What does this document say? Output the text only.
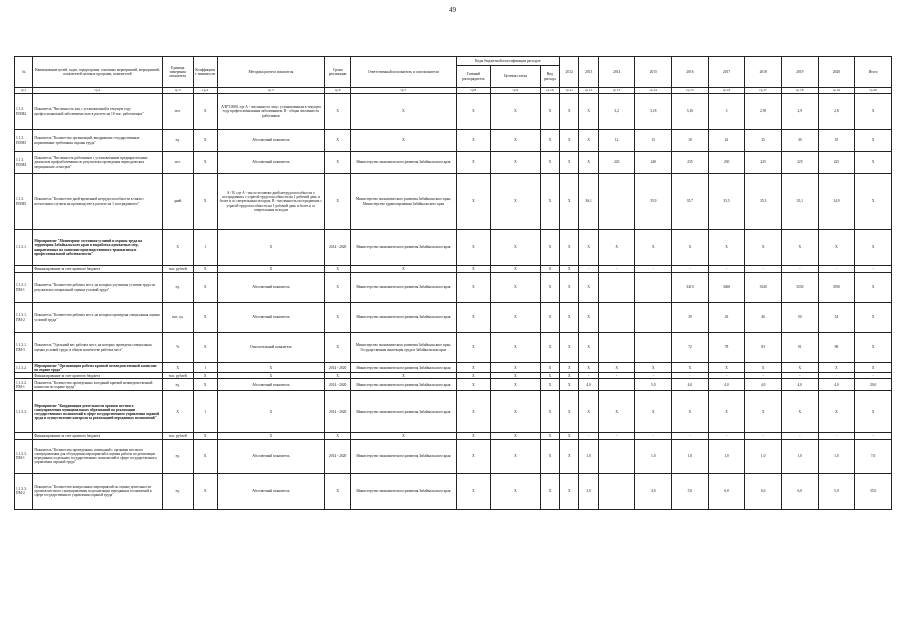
49
№	Наименование целей, задач, подпрограмм, основных мероприятий, мероприятий, показателей целевых программ, показателей	Единица измерения показателя	Коэффициент значимости	Методика расчета показателя	Сроки реализации	Ответственный исполнитель и соисполнители	Коды бюджетной классификации расходов			2012	2013	2014	2015	2016	2017	2018	2019	2020	Итого
							Главный распорядитель	Целевая статья	Вид расхода										
гр.1	гр.2	гр.3	гр.4	гр.5	гр.6	гр.7	гр.8	гр.9	гр.10	гр.11	гр.12	гр.13	гр.14	гр.15	гр.16	гр.17	гр.18	гр.19	гр.20
1.1.3. ПОМ2	Показатель "Численность лиц с установленной в текущем году профессиональной заболеваемостью в расчете на 10 тыс. работающих"	чел.	X	А/В*10000, где А - численность лиц с установленным в текущем году профессиональным заболеванием, В - общая численность работников	X	X	X	X	X	X	X	3,2	3,18	3,16	3	2,95	2,9	2,8	X
1.1.3. ПОМ3	Показатель "Количество организаций, внедривших государственные нормативные требования охраны труда"	ед.	X	Абсолютный показатель	X	X	X	X	X	X	X	12	15	18	22	25	30	35	X
1.1.3. ПОМ4	Показатель "Численность работников с установленным предварительным диагнозом профзаболевания по результатам проведения периодических медицинских осмотров"	чел.	X	Абсолютный показатель	X	Министерство экономического развития Забайкальского края	X	X	X	X	X	245	240	235	230	225	225	225	X
1.1.3. ПОМ5	Показатель "Количество дней временной нетрудоспособности в связи с несчастным случаем на производстве в расчете на 1 пострадавшего"	дней	X	А / В, где А - число человеко-дней нетрудоспособности у пострадавших с утратой трудоспособности на 1 рабочий день и более и со смертельным исходом, В - численность пострадавших с утратой трудоспособности на 1 рабочий день и более и со смертельным исходом	X	Министерство экономического развития Забайкальского края; Министерство здравоохранения Забайкальского края	X	X	X	X	36,1		35,9	35,7	35,5	35,3	35,1	34,9	X
1.1.3.1.	Мероприятие "Мониторинг состояния условий и охраны труда на территории Забайкальского края и выработка адекватных мер, направленных на снижение производственного травматизма и профессиональной заболеваемости"	X	1	X	2014 - 2020	Министерство экономического развития Забайкальского края	X	X	X	X	X	X	X	X	X	X	X	X	X
	Финансирование за счет краевого бюджета	тыс. рублей	X	X	X	X	X	X	X	X	-	-	-	-	-	-	-	-	-
1.1.3.1. ПМ-1	Показатель "Количество рабочих мест, на которых улучшены условия труда по результатам специальной оценки условий труда"	ед.	X	Абсолютный показатель	X	Министерство экономического развития Забайкальского края	X	X	X	X	X			3410	3460	3540	3530	3550	X
1.1.3.1. ПМ-2	Показатель "Количество рабочих мест, на которых проведена специальная оценка условий труда"	тыс. ед.	X	Абсолютный показатель	X	Министерство экономического развития Забайкальского края	X	X	X	X	X			39	43	46	50	54	X
1.1.3.1. ПМ-3	Показатель "Удельный вес рабочих мест, на которых проведена специальная оценка условий труда, в общем количестве рабочих мест"	%	X	Относительный показатель	X	Министерство экономического развития Забайкальского края; Государственная инспекция труда в Забайкальском крае	X	X	X	X	X			72	78	83	91	98	X
1.1.3.2.	Мероприятие "Организация работы краевой межведомственной комиссии по охране труда"	X	1	X	2014 - 2020	Министерство экономического развития Забайкальского края	X	X	X	X	X	X	X	X	X	X	X	X	X
	Финансирование за счет краевого бюджета	тыс. рублей	X	X	X	X	X	X	X	X	-	-	-	-	-	-	-	-	-
1.1.3.2. ПМ-1	Показатель "Количество проведенных заседаний краевой межведомственной комиссии по охране труда"	ед.	X	Абсолютный показатель	2014 - 2020	Министерство экономического развития Забайкальского края	X	X	X	X	4,0		5,0	4,0	4,0	4,0	4,0	4,0	29,0
1.1.3.3.	Мероприятие "Координация деятельности органов местного самоуправления муниципальных образований по реализации государственных полномочий в сфере государственного управления охраной труда и осуществление контроля за реализацией переданных полномочий"	X	1	X	2014 - 2020	Министерство экономического развития Забайкальского края	X	X	X	X	X	X	X	X	X	X	X	X	X
	Финансирование за счет краевого бюджета	тыс. рублей	X	X	X	X	X	X	X	X	-	-	-	-	-	-	-	-	-
1.1.3.3. ПМ-1	Показатель "Количество проведенных совещаний с органами местного самоуправления для обсуждения мероприятий и оценки работы по реализации переданных отдельных государственных полномочий в сфере государственного управления охраной труда"	ед.	X	Абсолютный показатель	2014 - 2020	Министерство экономического развития Забайкальского края	X	X	X	X	1,0		1,0	1,0	1,0	1,0	1,0	1,0	7,0
1.1.3.3. ПМ-2	Показатель "Количество контрольных мероприятий по оценке деятельности органов местного самоуправления по реализации переданных полномочий в сфере государственного управления охраной труда"	ед.	X	Абсолютный показатель	X	Министерство экономического развития Забайкальского края	X	X	X	X	3,0		4,0	5,0	6,0	6,0	6,0	5,0	35,0
